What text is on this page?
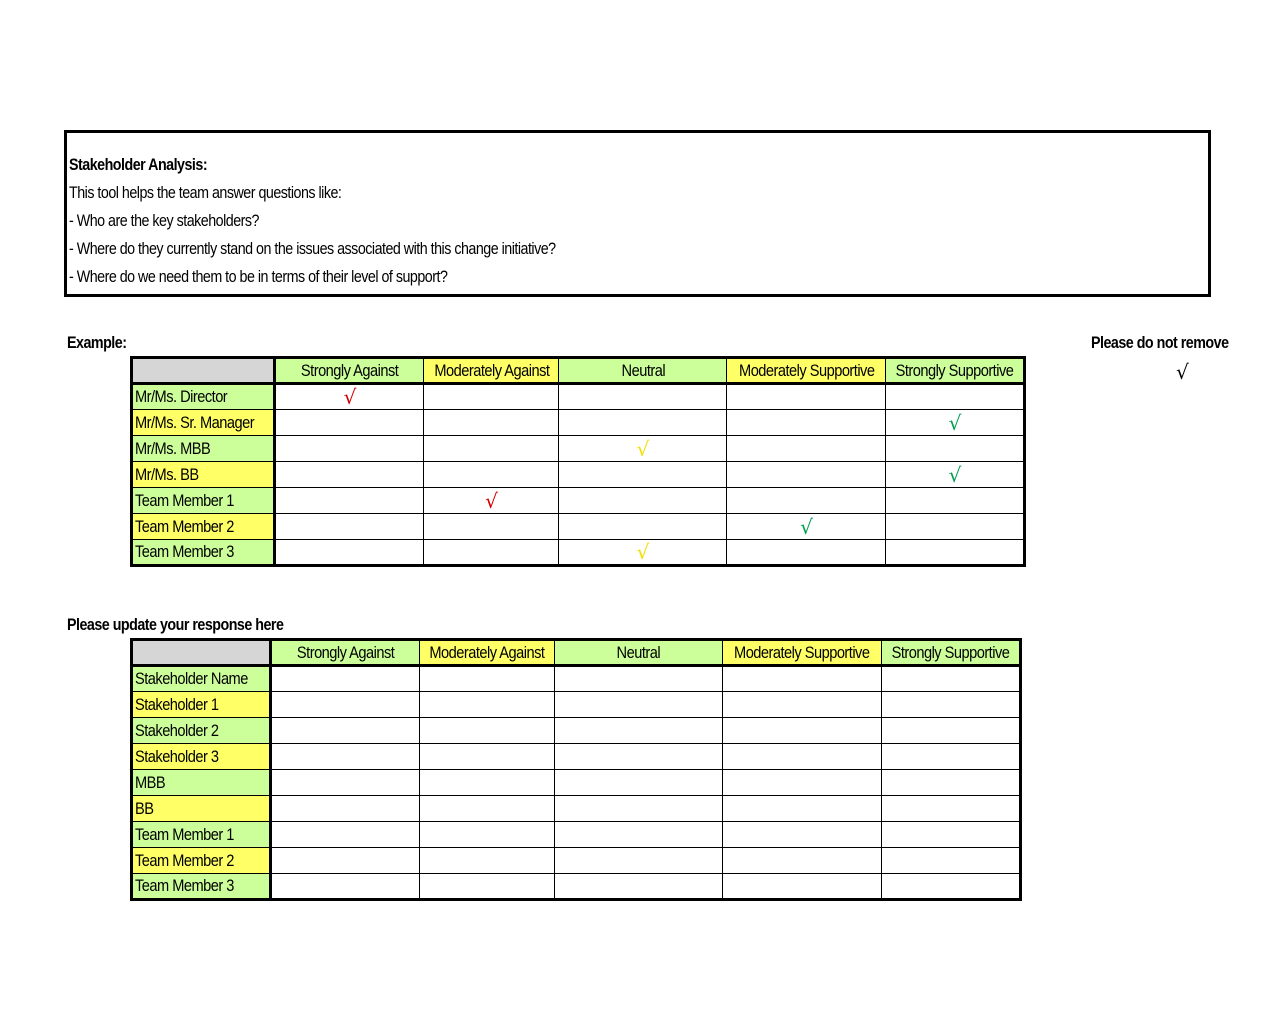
Stakeholder Analysis:
This tool helps the team answer questions like:
- Who are the key stakeholders?
- Where do they currently stand on the issues associated with this change initiative?
- Where do we need them to be in terms of their level of support?
Example:	Please do not remove
√
	Strongly Against	Moderately Against	Neutral	Moderately Supportive	Strongly Supportive
Mr/Ms. Director	√				
Mr/Ms. Sr. Manager					√
Mr/Ms. MBB			√		
Mr/Ms. BB					√
Team Member 1		√			
Team Member 2				√	
Team Member 3			√		
Please update your response here
	Strongly Against	Moderately Against	Neutral	Moderately Supportive	Strongly Supportive
Stakeholder Name					
Stakeholder 1					
Stakeholder 2					
Stakeholder 3					
MBB					
BB					
Team Member 1					
Team Member 2					
Team Member 3					
